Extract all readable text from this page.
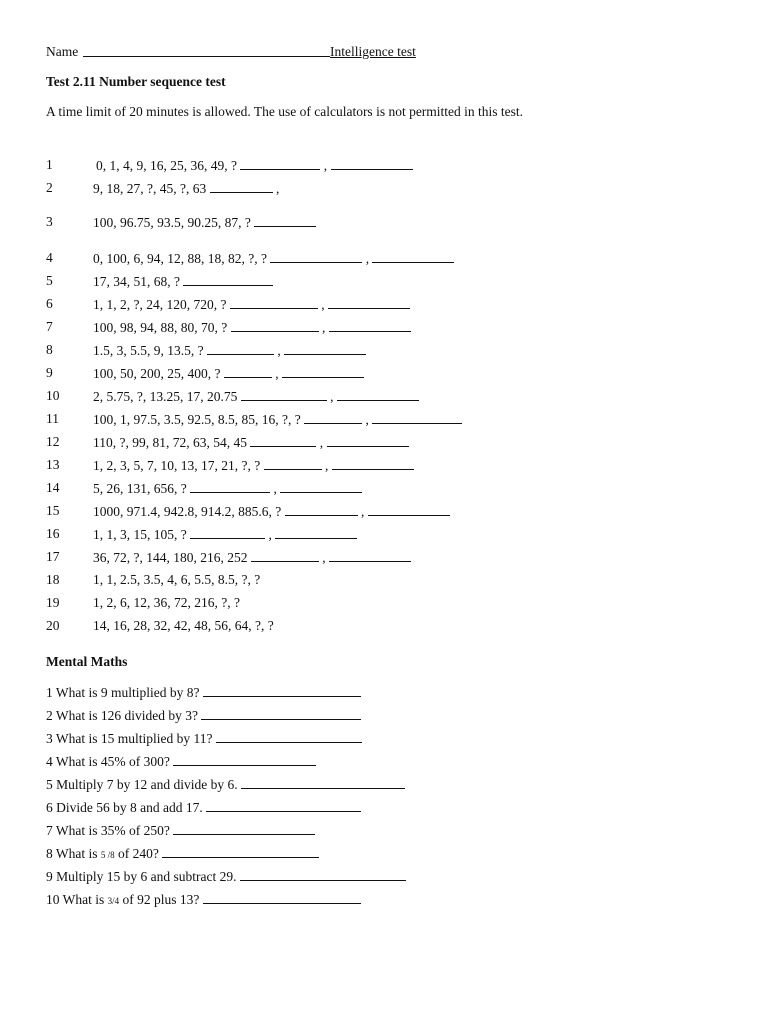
Name	Intelligence test
Test 2.11 Number sequence test
A time limit of 20 minutes is allowed. The use of calculators is not permitted in this test.
1	0, 1, 4, 9, 16, 25, 36, 49, ?	,
2	9, 18, 27, ?, 45, ?, 63	,
3	100, 96.75, 93.5, 90.25, 87, ?
4	0, 100, 6, 94, 12, 88, 18, 82, ?, ?	,
5	17, 34, 51, 68, ?
6	1, 1, 2, ?, 24, 120, 720, ?	,
7	100, 98, 94, 88, 80, 70, ?	,
8	1.5, 3, 5.5, 9, 13.5, ?	,
9	100, 50, 200, 25, 400, ?	,
10 2, 5.75, ?, 13.25, 17, 20.75	,
11	100, 1, 97.5, 3.5, 92.5, 8.5, 85, 16, ?, ?	,
12 110, ?, 99, 81, 72, 63, 54, 45	,
13 1, 2, 3, 5, 7, 10, 13, 17, 21, ?, ?	,
14 5, 26, 131, 656, ?	,
15 1000, 971.4, 942.8, 914.2, 885.6, ?	,
16 1, 1, 3, 15, 105, ?	,
17 36, 72, ?, 144, 180, 216, 252	,
18 1, 1, 2.5, 3.5, 4, 6, 5.5, 8.5, ?, ?
19 1, 2, 6, 12, 36, 72, 216, ?, ?
20 14, 16, 28, 32, 42, 48, 56, 64, ?, ?
Mental Maths
1 What is 9 multiplied by 8?
2 What is 126 divided by 3?
3 What is 15 multiplied by 11?
4 What is 45% of 300?
5 Multiply 7 by 12 and divide by 6.
6 Divide 56 by 8 and add 17.
7 What is 35% of 250?
8 What is 5 /8 of 240?
9 Multiply 15 by 6 and subtract 29.
10 What is 3/4 of 92 plus 13?
